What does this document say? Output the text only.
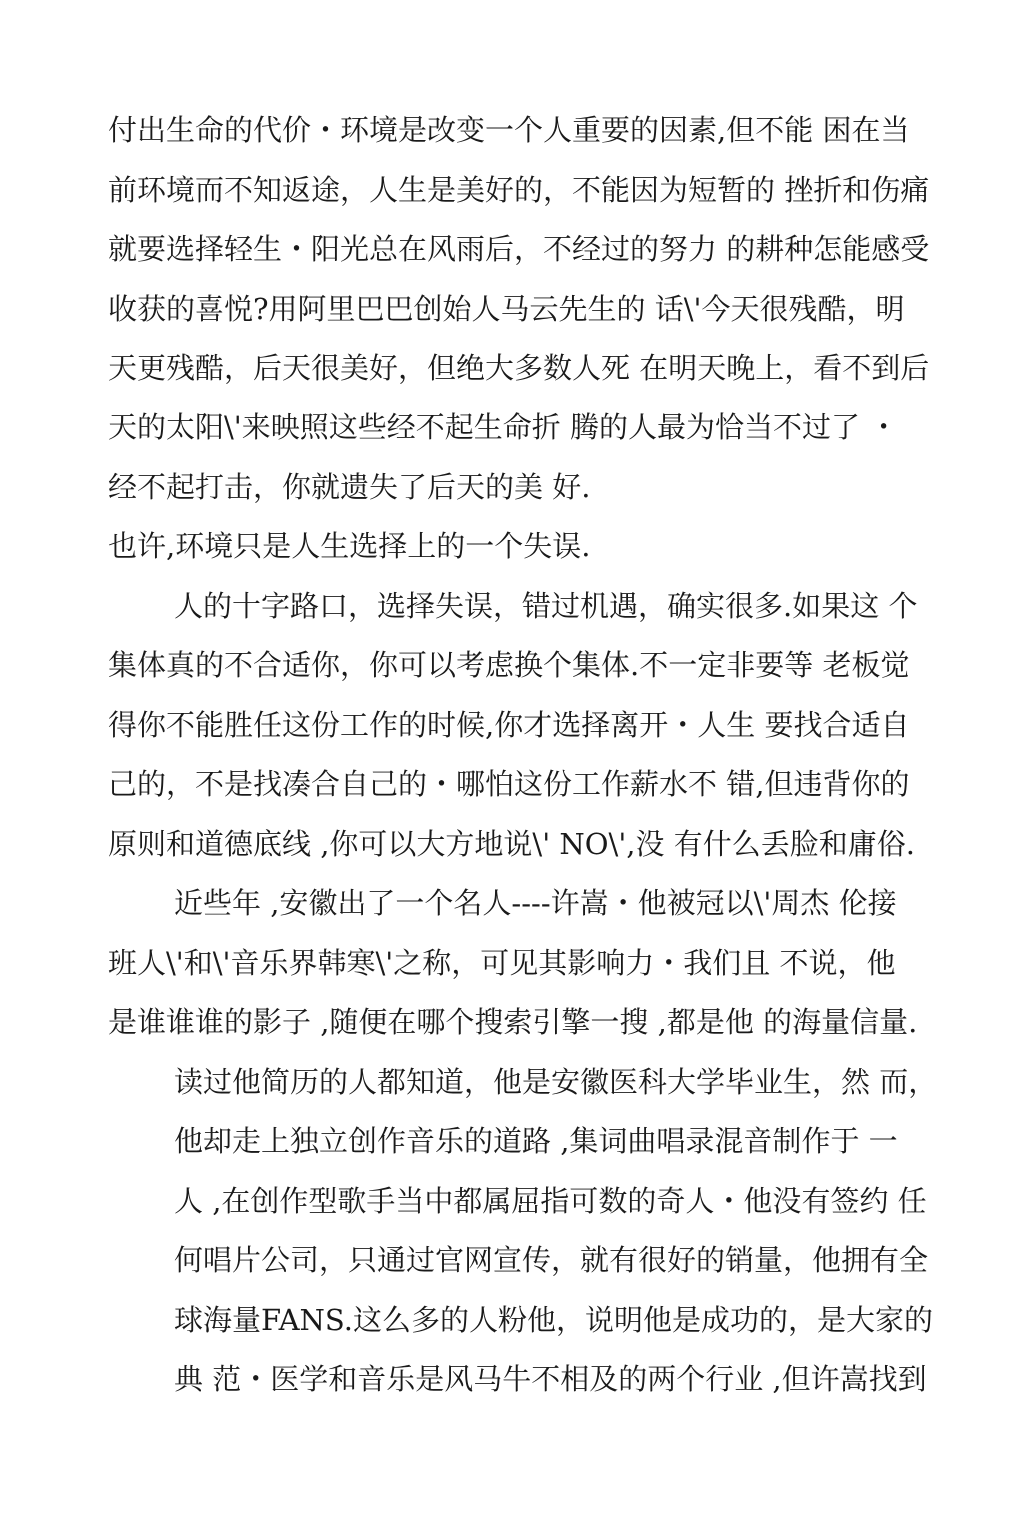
付出生命的代价・环境是改变一个人重要的因素,但不能 困在当
前环境而不知返途，人生是美好的，不能因为短暂的 挫折和伤痛
就要选择轻生・阳光总在风雨后，不经过的努力 的耕种怎能感受
收获的喜悦?用阿里巴巴创始人马云先生的 话\'今天很残酷，明
天更残酷，后天很美好，但绝大多数人死 在明天晚上，看不到后
天的太阳\'来映照这些经不起生命折 腾的人最为恰当不过了 ・
经不起打击，你就遗失了后天的美 好.
也许,环境只是人生选择上的一个失误.
人的十字路口，选择失误，错过机遇，确实很多.如果这 个
集体真的不合适你，你可以考虑换个集体.不一定非要等 老板觉
得你不能胜任这份工作的时候,你才选择离开・人生 要找合适自
己的，不是找凑合自己的・哪怕这份工作薪水不 错,但违背你的
原则和道德底线 ,你可以大方地说\' NO\',没 有什么丢脸和庸俗.
近些年 ,安徽出了一个名人----许嵩・他被冠以\'周杰 伦接
班人\'和\'音乐界韩寒\'之称，可见其影响力・我们且 不说，他
是谁谁谁的影子 ,随便在哪个搜索引擎一搜 ,都是他 的海量信量.
读过他简历的人都知道，他是安徽医科大学毕业生，然 而，
他却走上独立创作音乐的道路 ,集词曲唱录混音制作于 一
人 ,在创作型歌手当中都属屈指可数的奇人・他没有签约 任
何唱片公司，只通过官网宣传，就有很好的销量，他拥有全
球海量FANS.这么多的人粉他，说明他是成功的，是大家的
典 范・医学和音乐是风马牛不相及的两个行业 ,但许嵩找到
